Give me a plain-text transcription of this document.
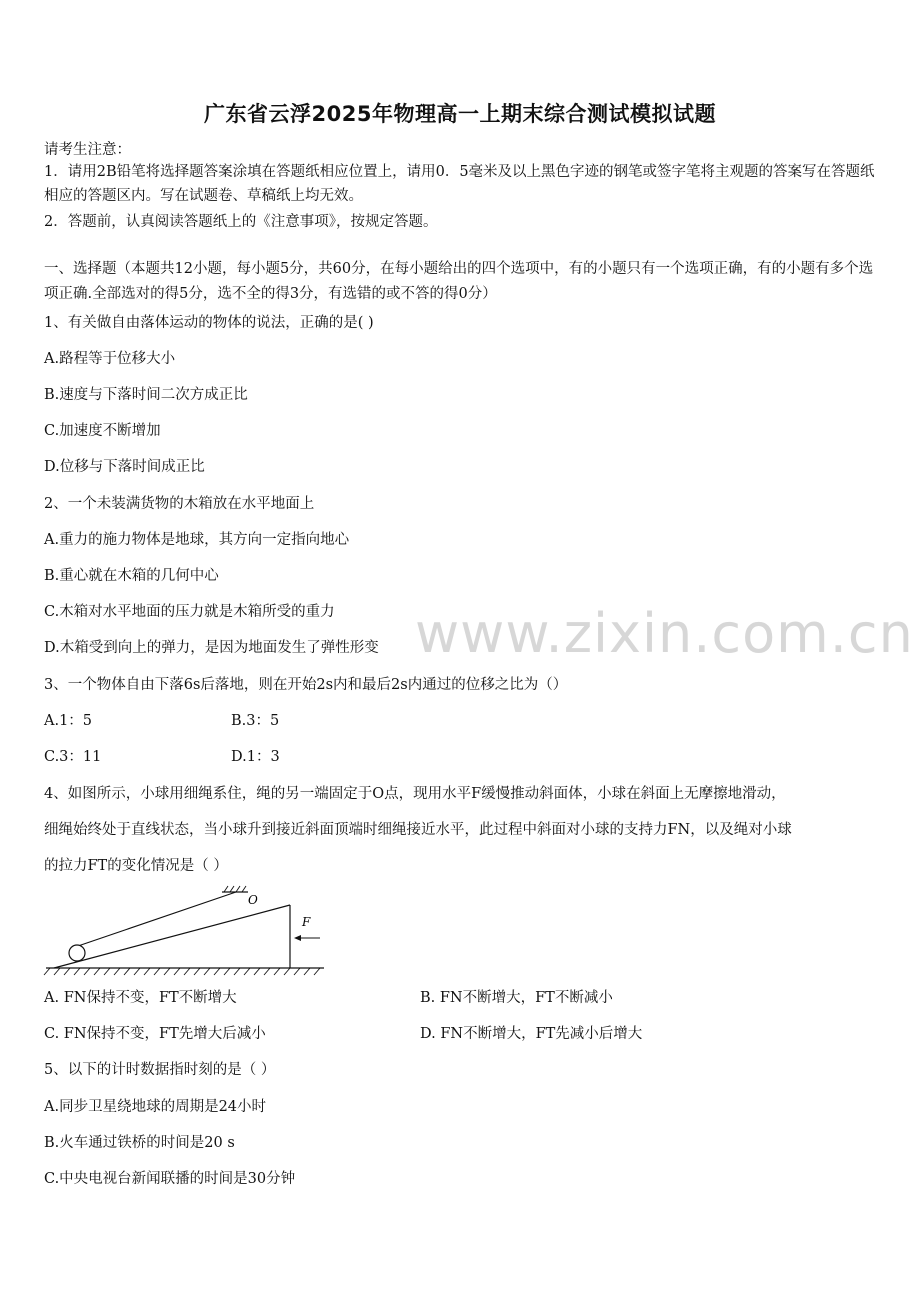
广东省云浮2025年物理高一上期末综合测试模拟试题
请考生注意：
1．请用2B铅笔将选择题答案涂填在答题纸相应位置上，请用0．5毫米及以上黑色字迹的钢笔或签字笔将主观题的答案写在答题纸相应的答题区内。写在试题卷、草稿纸上均无效。
2．答题前，认真阅读答题纸上的《注意事项》，按规定答题。
一、选择题（本题共12小题，每小题5分，共60分，在每小题给出的四个选项中，有的小题只有一个选项正确，有的小题有多个选项正确.全部选对的得5分，选不全的得3分，有选错的或不答的得0分）
1、有关做自由落体运动的物体的说法，正确的是( )
A.路程等于位移大小
B.速度与下落时间二次方成正比
C.加速度不断增加
D.位移与下落时间成正比
2、一个未装满货物的木箱放在水平地面上
A.重力的施力物体是地球，其方向一定指向地心
B.重心就在木箱的几何中心
C.木箱对水平地面的压力就是木箱所受的重力
D.木箱受到向上的弹力，是因为地面发生了弹性形变
3、一个物体自由下落6s后落地，则在开始2s内和最后2s内通过的位移之比为（）
A.1：5	B.3：5
C.3：11	D.1：3
4、如图所示，小球用细绳系住，绳的另一端固定于O点，现用水平F缓慢推动斜面体，小球在斜面上无摩擦地滑动，
细绳始终处于直线状态，当小球升到接近斜面顶端时细绳接近水平，此过程中斜面对小球的支持力FN，以及绳对小球
的拉力FT的变化情况是（ ）
O
F
A. FN保持不变，FT不断增大	B. FN不断增大，FT不断减小
C. FN保持不变，FT先增大后减小	D. FN不断增大，FT先减小后增大
5、以下的计时数据指时刻的是（ ）
A.同步卫星绕地球的周期是24小时
B.火车通过铁桥的时间是20 s
C.中央电视台新闻联播的时间是30分钟
www.zixin.com.cn
